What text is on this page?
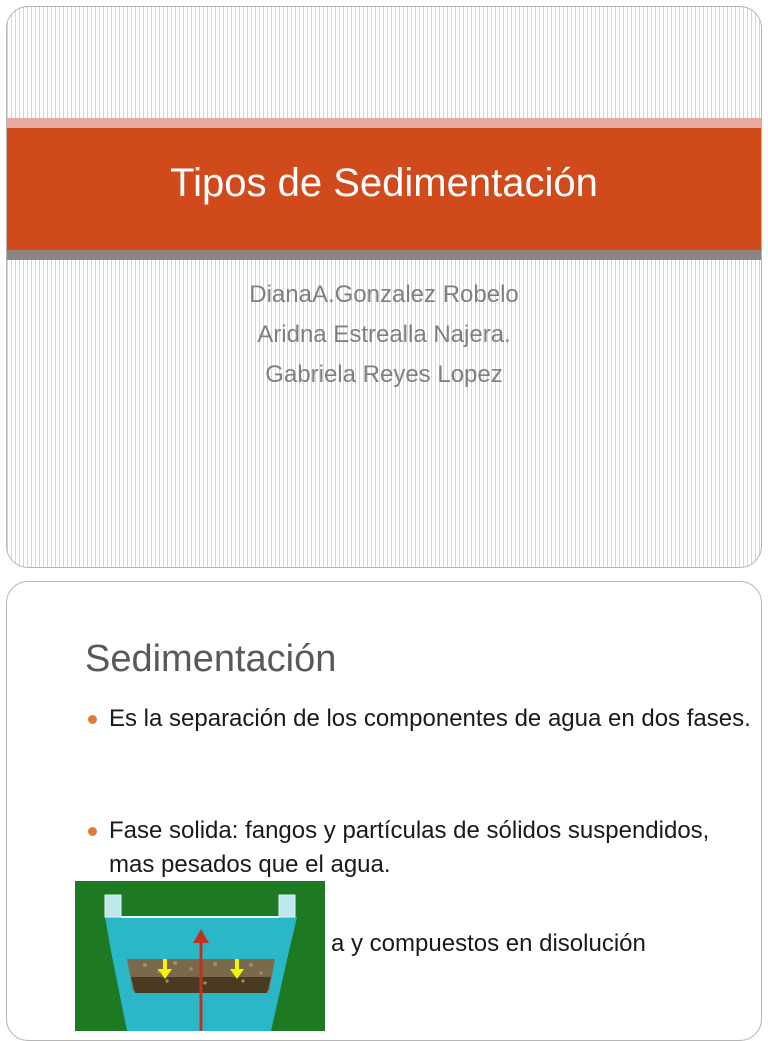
Tipos de Sedimentación
DianaA.Gonzalez Robelo
Aridna Estrealla Najera.
Gabriela Reyes Lopez
Sedimentación
Es la separación de los componentes de agua en dos fases.
Fase solida: fangos y partículas de sólidos suspendidos, mas pesados que el agua.
a y compuestos en disolución
